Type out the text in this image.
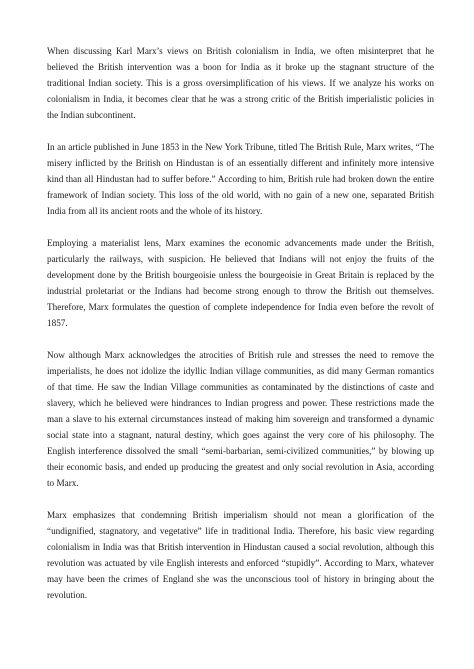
When discussing Karl Marx’s views on British colonialism in India, we often misinterpret that he believed the British intervention was a boon for India as it broke up the stagnant structure of the traditional Indian society. This is a gross oversimplification of his views. If we analyze his works on colonialism in India, it becomes clear that he was a strong critic of the British imperialistic policies in the Indian subcontinent.

In an article published in June 1853 in the New York Tribune, titled The British Rule, Marx writes, “The misery inflicted by the British on Hindustan is of an essentially different and infinitely more intensive kind than all Hindustan had to suffer before.” According to him, British rule had broken down the entire framework of Indian society. This loss of the old world, with no gain of a new one, separated British India from all its ancient roots and the whole of its history.

Employing a materialist lens, Marx examines the economic advancements made under the British, particularly the railways, with suspicion. He believed that Indians will not enjoy the fruits of the development done by the British bourgeoisie unless the bourgeoisie in Great Britain is replaced by the industrial proletariat or the Indians had become strong enough to throw the British out themselves. Therefore, Marx formulates the question of complete independence for India even before the revolt of 1857.

Now although Marx acknowledges the atrocities of British rule and stresses the need to remove the imperialists, he does not idolize the idyllic Indian village communities, as did many German romantics of that time. He saw the Indian Village communities as contaminated by the distinctions of caste and slavery, which he believed were hindrances to Indian progress and power. These restrictions made the man a slave to his external circumstances instead of making him sovereign and transformed a dynamic social state into a stagnant, natural destiny, which goes against the very core of his philosophy. The English interference dissolved the small “semi-barbarian, semi-civilized communities,” by blowing up their economic basis, and ended up producing the greatest and only social revolution in Asia, according to Marx.

Marx emphasizes that condemning British imperialism should not mean a glorification of the “undignified, stagnatory, and vegetative” life in traditional India. Therefore, his basic view regarding colonialism in India was that British intervention in Hindustan caused a social revolution, although this revolution was actuated by vile English interests and enforced “stupidly”. According to Marx, whatever may have been the crimes of England she was the unconscious tool of history in bringing about the revolution.
